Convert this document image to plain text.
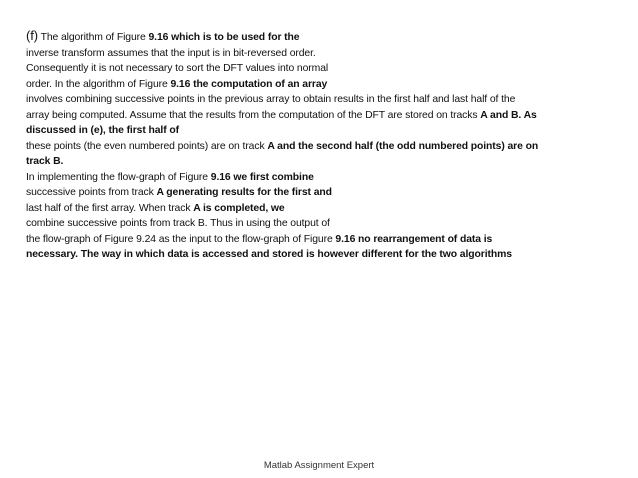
(f) The algorithm of Figure 9.16 which is to be used for the
inverse transform assumes that the input is in bit-reversed order.
Consequently it is not necessary to sort the DFT values into normal
order. In the algorithm of Figure 9.16 the computation of an array
involves combining successive points in the previous array to obtain results in the first half and last half of the
array being computed. Assume that the results from the computation of the DFT are stored on tracks A and B. As
discussed in (e), the first half of
these points (the even numbered points) are on track A and the second half (the odd numbered points) are on
track B.
In implementing the flow-graph of Figure 9.16 we first combine
successive points from track A generating results for the first and
last half of the first array. When track A is completed, we
combine successive points from track B. Thus in using the output of
the flow-graph of Figure 9.24 as the input to the flow-graph of Figure 9.16 no rearrangement of data is
necessary. The way in which data is accessed and stored is however different for the two algorithms
Matlab Assignment Expert
